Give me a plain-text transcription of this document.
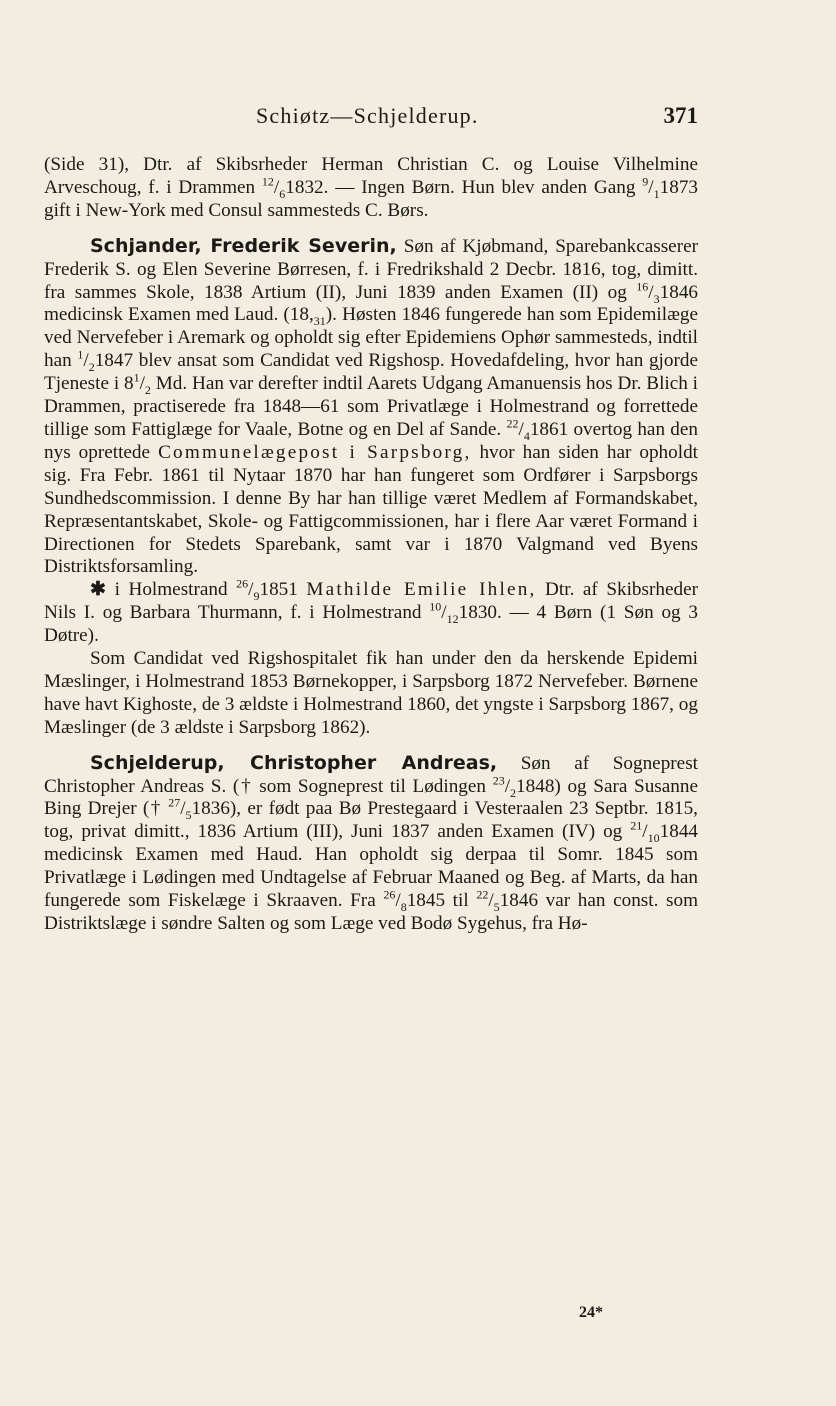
Schiøtz—Schjelderup.	371

(Side 31), Dtr. af Skibsrheder Herman Christian C. og Louise Vilhelmine Arveschoug, f. i Drammen $^{12}/_61832$. — Ingen Børn. Hun blev anden Gang $^9/_11873$ gift i New-York med Consul sammesteds C. Børs.

Schjander, Frederik Severin, Søn af Kjøbmand, Sparebankcasserer Frederik S. og Elen Severine Børresen, f. i Fredrikshald 2 Decbr. 1816, tog, dimitt. fra sammes Skole, 1838 Artium (II), Juni 1839 anden Examen (II) og $^{16}/_31846$ medicinsk Examen med Laud. $(18,_{31})$. Høsten 1846 fungerede han som Epidemilæge ved Nervefeber i Aremark og opholdt sig efter Epidemiens Ophør sammesteds, indtil han $^1/_21847$ blev ansat som Candidat ved Rigshosp. Hovedafdeling, hvor han gjorde Tjeneste i $8^1/_2$ Md. Han var derefter indtil Aarets Udgang Amanuensis hos Dr. Blich i Drammen, practiserede fra 1848—61 som Privatlæge i Holmestrand og forrettede tillige som Fattiglæge for Vaale, Botne og en Del af Sande. $^{22}/_41861$ overtog han den nys oprettede Communelægepost i Sarpsborg, hvor han siden har opholdt sig. Fra Febr. 1861 til Nytaar 1870 har han fungeret som Ordfører i Sarpsborgs Sundhedscommission. I denne By har han tillige været Medlem af Formandskabet, Repræsentantskabet, Skole- og Fattigcommissionen, har i flere Aar været Formand i Directionen for Stedets Sparebank, samt var i 1870 Valgmand ved Byens Distriktsforsamling.

✱ i Holmestrand $^{26}/_91851$ Mathilde Emilie Ihlen, Dtr. af Skibsrheder Nils I. og Barbara Thurmann, f. i Holmestrand $^{10}/_{12}1830$. — 4 Børn (1 Søn og 3 Døtre).

Som Candidat ved Rigshospitalet fik han under den da herskende Epidemi Mæslinger, i Holmestrand 1853 Børnekopper, i Sarpsborg 1872 Nervefeber. Børnene have havt Kighoste, de 3 ældste i Holmestrand 1860, det yngste i Sarpsborg 1867, og Mæslinger (de 3 ældste i Sarpsborg 1862).

Schjelderup, Christopher Andreas, Søn af Sogneprest Christopher Andreas S. († som Sogneprest til Lødingen $^{23}/_21848$) og Sara Susanne Bing Drejer († $^{27}/_51836$), er født paa Bø Prestegaard i Vesteraalen 23 Septbr. 1815, tog, privat dimitt., 1836 Artium (III), Juni 1837 anden Examen (IV) og $^{21}/_{10}1844$ medicinsk Examen med Haud. Han opholdt sig derpaa til Somr. 1845 som Privatlæge i Lødingen med Undtagelse af Februar Maaned og Beg. af Marts, da han fungerede som Fiskelæge i Skraaven. Fra $^{26}/_81845$ til $^{22}/_51846$ var han const. som Distriktslæge i søndre Salten og som Læge ved Bodø Sygehus, fra Hø-

24*
